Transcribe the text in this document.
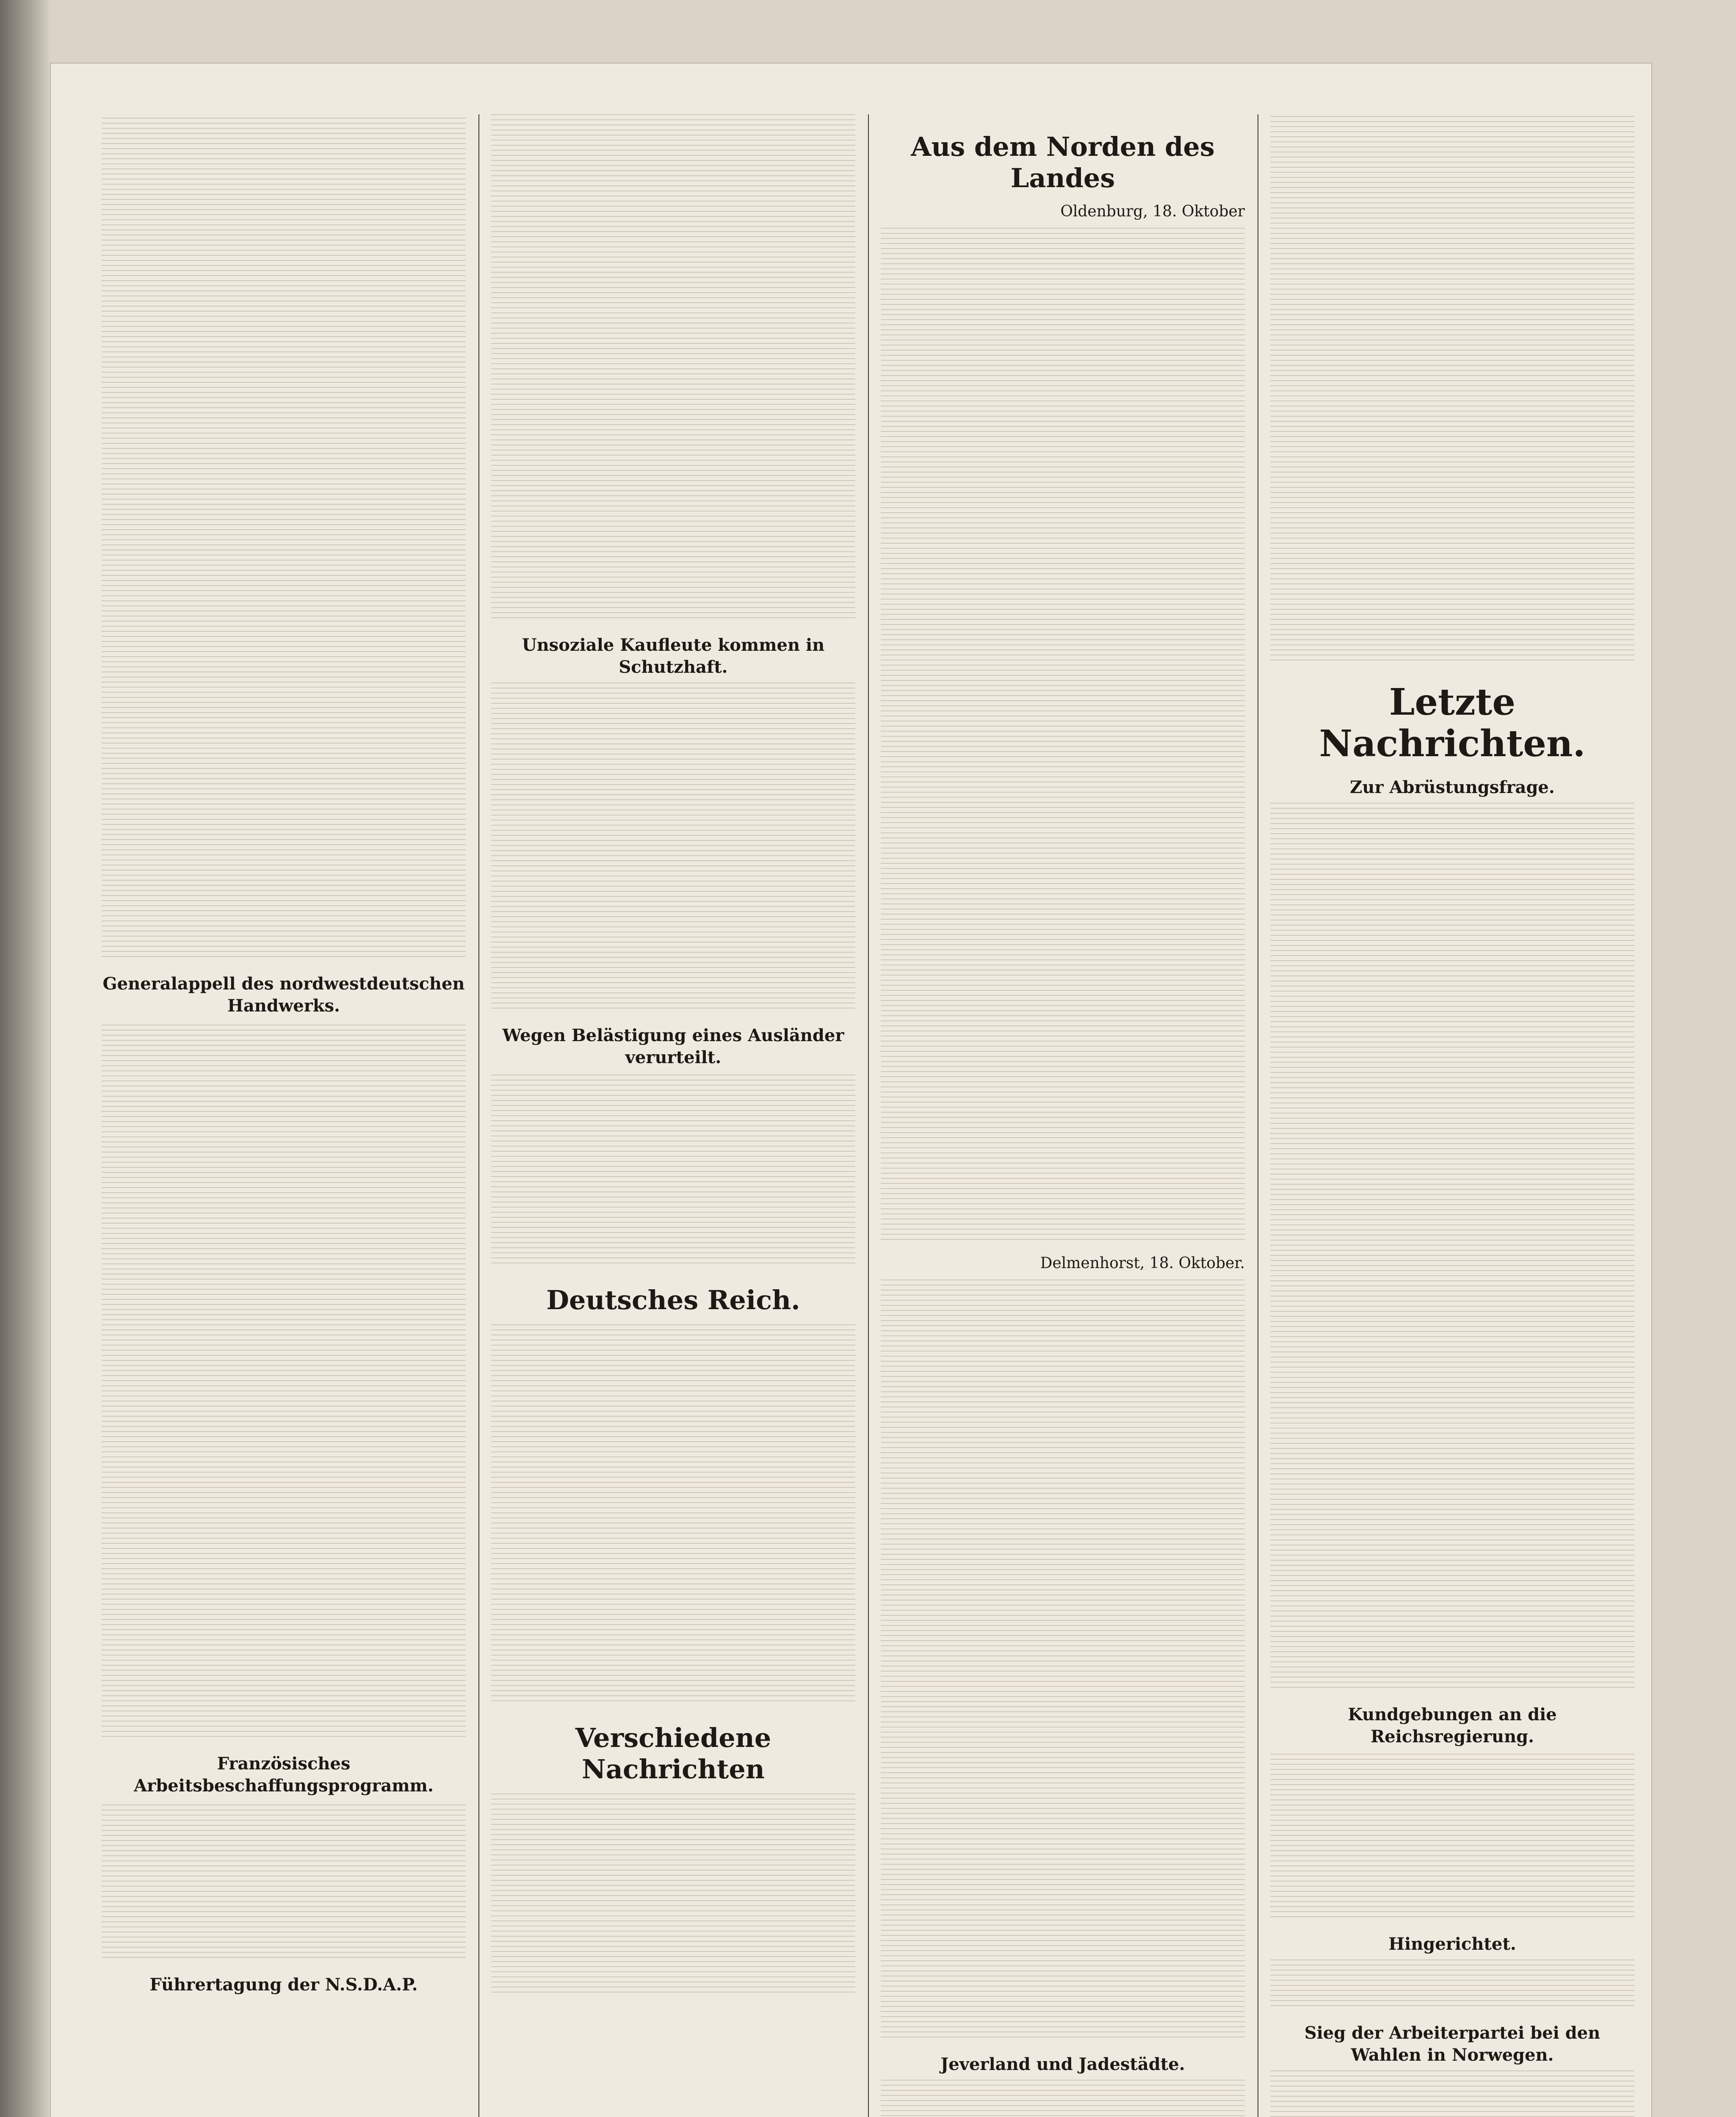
Generalappell des nordwestdeutschen Handwerks.
Französisches Arbeitsbeschaffungsprogramm.
Führertagung der N.S.D.A.P.
Unsoziale Kaufleute kommen in Schutzhaft.
Wegen Belästigung eines Ausländer verurteilt.
Deutsches Reich.
Verschiedene Nachrichten
Aus dem Norden des Landes
Oldenburg, 18. Oktober
Delmenhorst, 18. Oktober.
Jeverland und Jadestädte.
Letzte Nachrichten.
Zur Abrüstungsfrage.
Kundgebungen an die Reichsregierung.
Hingerichtet.
Sieg der Arbeiterpartei bei den Wahlen in Norwegen.
